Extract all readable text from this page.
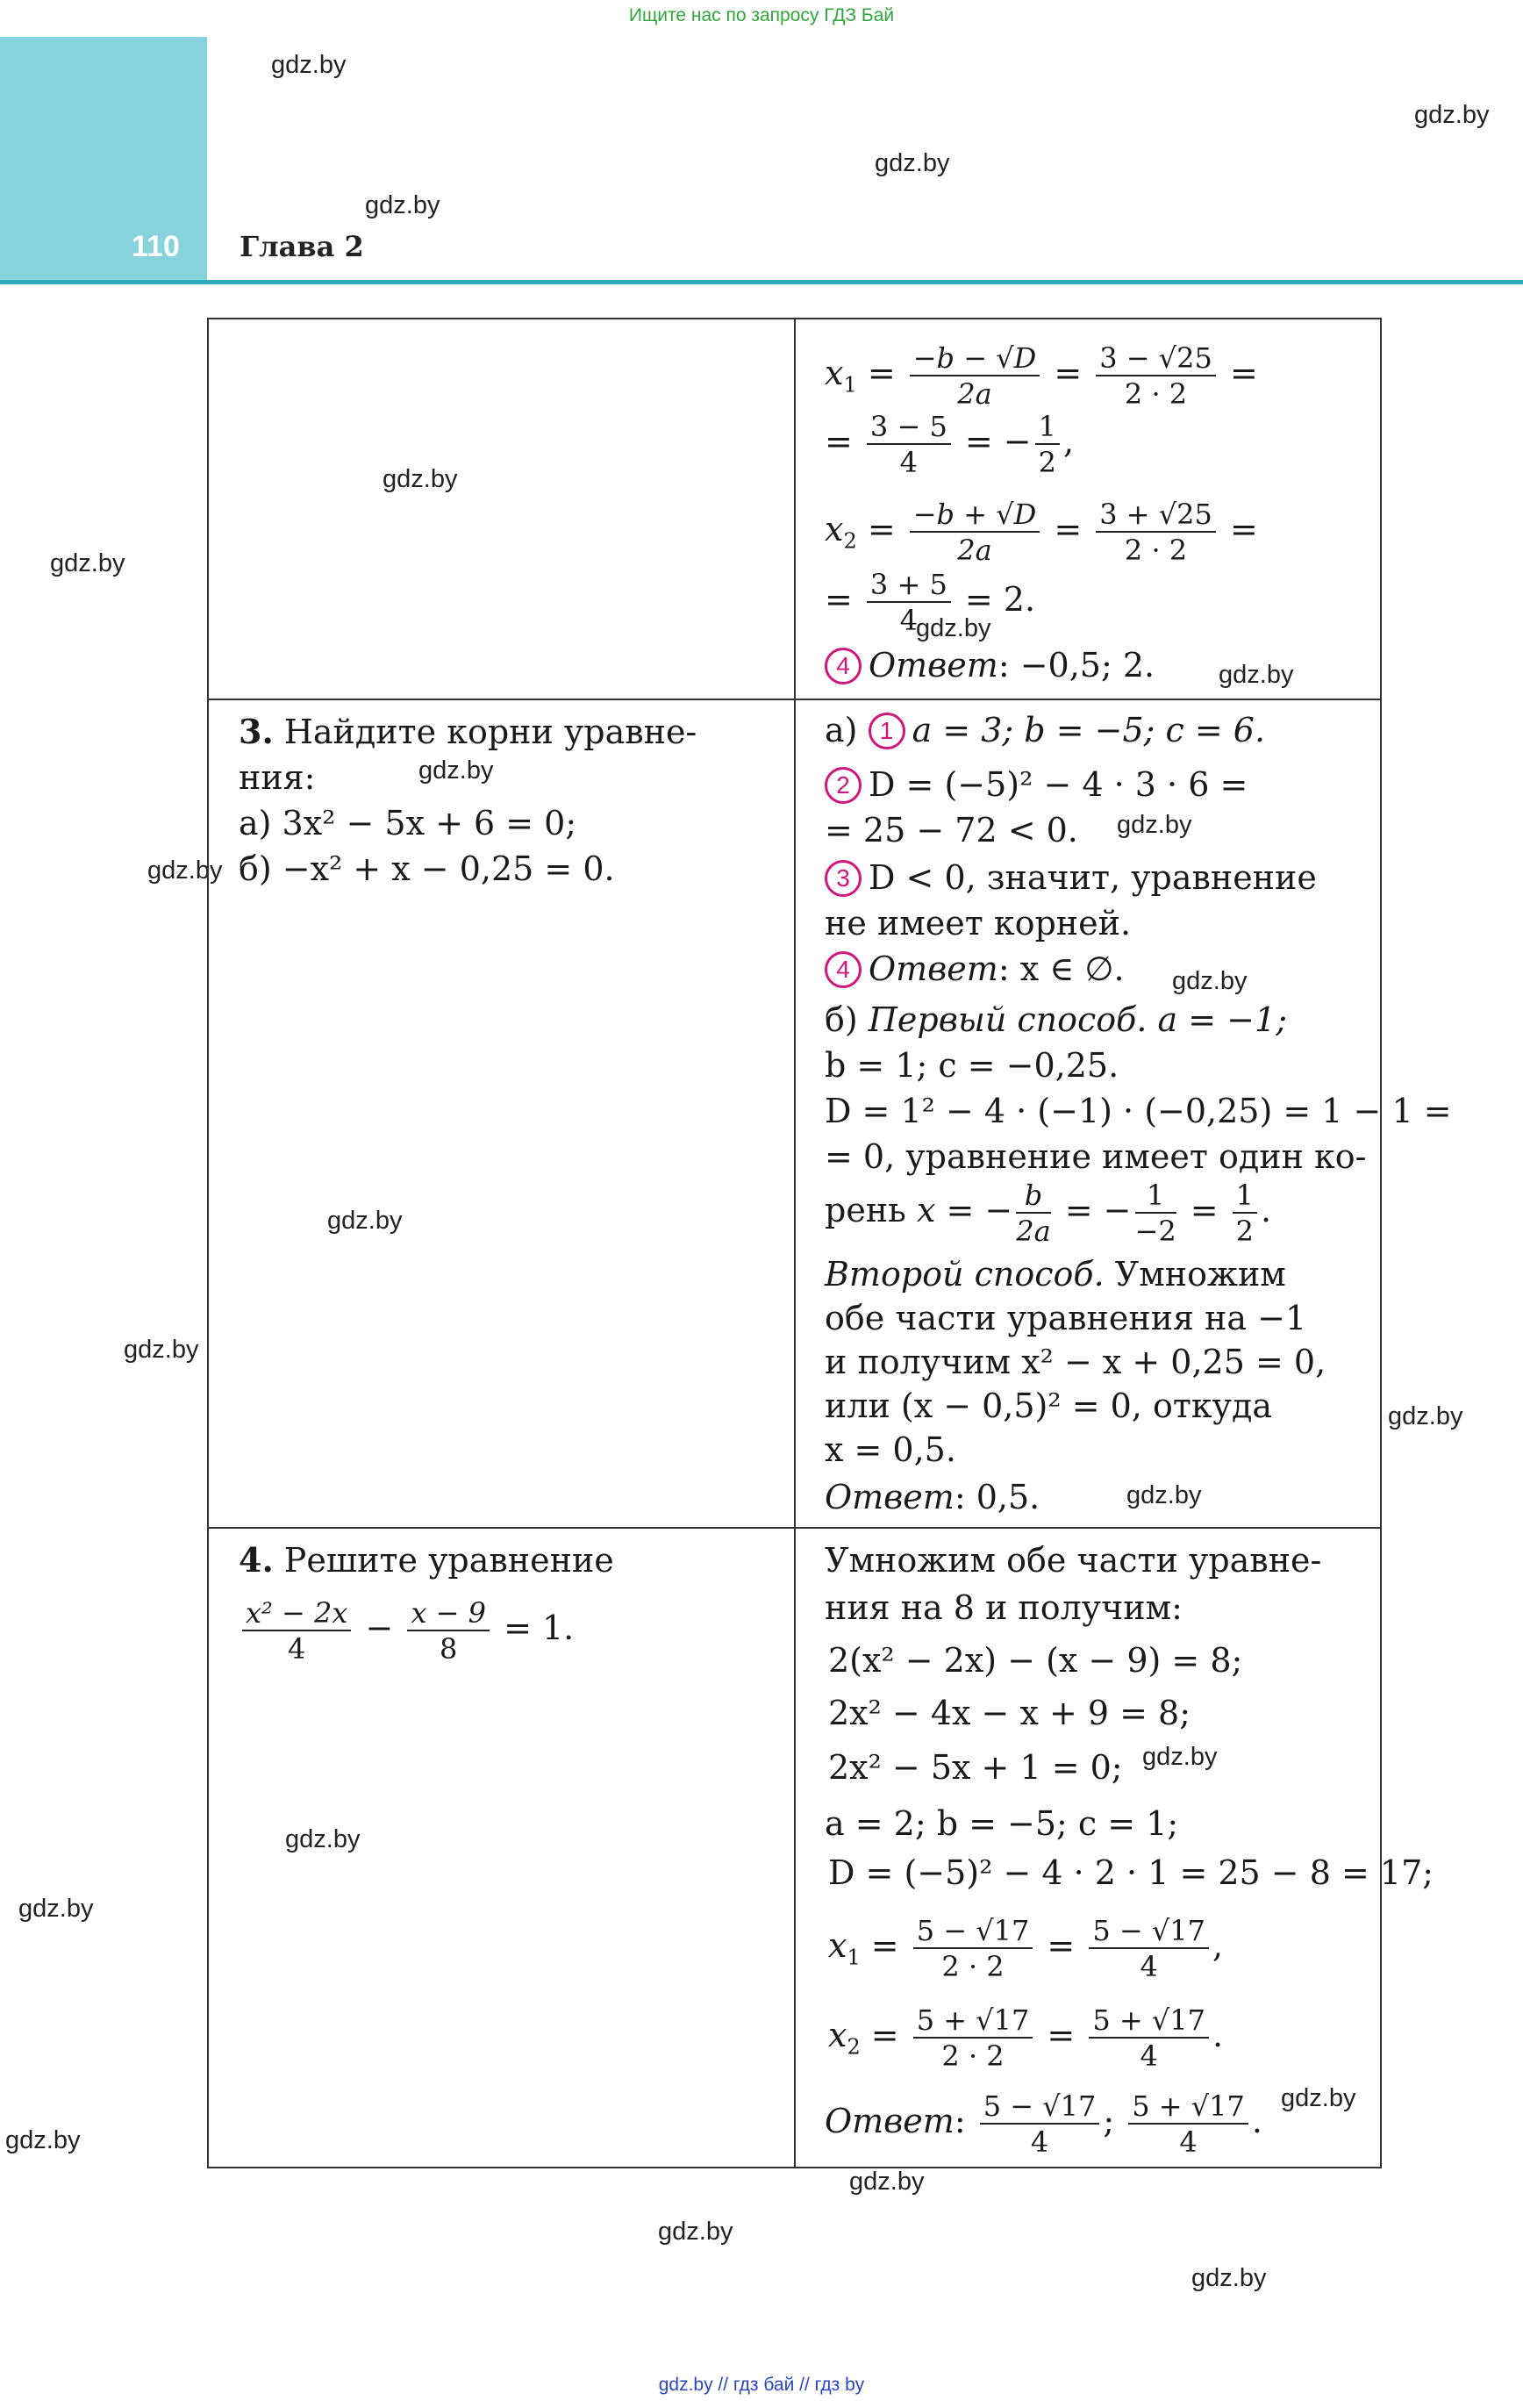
Ищите нас по запросу ГДЗ Бай
110 Глава 2
gdz.by
gdz.by
gdz.by
gdz.by
gdz.by
gdz.by
gdz.by
gdz.by
gdz.by
gdz.by
gdz.by
gdz.by
gdz.by
gdz.by
gdz.by
gdz.by
gdz.by
gdz.by
gdz.by
gdz.by
gdz.by
gdz.by
gdz.by
gdz.by
$x_1 = \frac{-b - √D}{2a} = \frac{3 - √25}{2 \cdot 2}$ =
= $\frac{3 - 5}{4}$ = − $\frac{1}{2}$ ,
$x_2 = \frac{-b + √D}{2a} = \frac{3 + √25}{2 \cdot 2}$ =
= $\frac{3 + 5}{4} = 2$.
4 Ответ: −0,5; 2.
3. Найдите корни уравне-
ния:
а) 3x² − 5x + 6 = 0;
б) −x² + x − 0,25 = 0.
а) 1 a = 3; b = −5; c = 6.
2 D = (−5)² − 4 · 3 · 6 =
= 25 − 72 < 0.
3 D < 0, значит, уравнение
не имеет корней.
4 Ответ: x ∈ ∅.
б) Первый способ. a = −1;
b = 1; c = −0,25.
D = 1² − 4 · (−1) · (−0,25) = 1 − 1 =
= 0, уравнение имеет один ко-
рень x = − $\frac{b}{2a}$ = − $\frac{1}{-2} = \frac{1}{2}$ .
Второй способ. Умножим
обе части уравнения на −1
и получим x² − x + 0,25 = 0,
или (x − 0,5)² = 0, откуда
x = 0,5.
Ответ: 0,5.
4. Решите уравнение
$\frac{\text{x² − 2x}}{4} - \frac{x - 9}{8} = 1$.
Умножим обе части уравне-
ния на 8 и получим:
2(x² − 2x) − (x − 9) = 8;
2x² − 4x − x + 9 = 8;
2x² − 5x + 1 = 0;
a = 2; b = −5; c = 1;
D = (−5)² − 4 · 2 · 1 = 25 − 8 = 17;
$x_1 = \frac{5 - √17}{2 \cdot 2} = \frac{5 - √17}{4}$ ,
$x_2 = \frac{5 + √17}{2 \cdot 2} = \frac{5 + √17}{4}$ .
Ответ: $\frac{5 - √17}{4}$ ; $\frac{5 + √17}{4}$ .
gdz.by // гдз бай // гдз by
